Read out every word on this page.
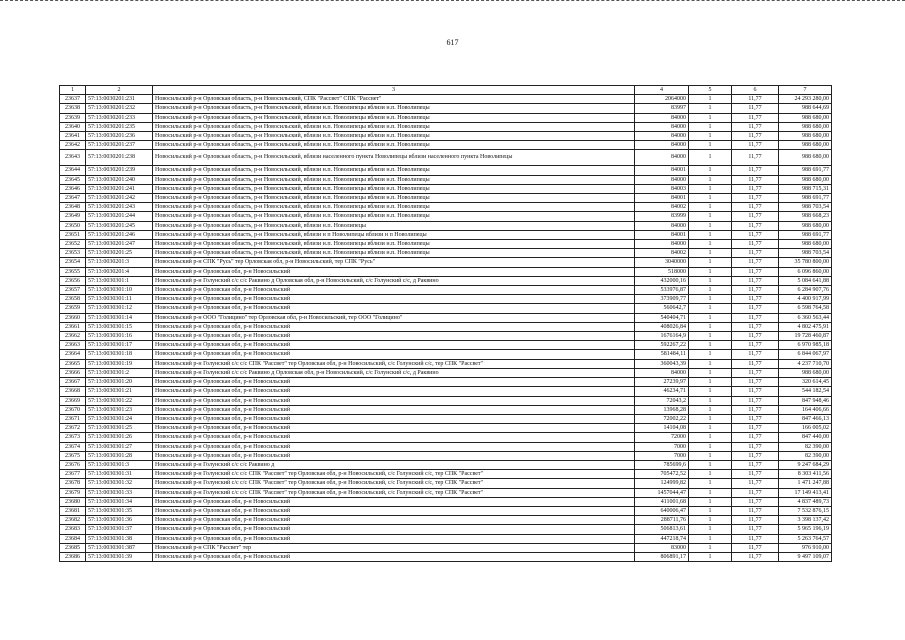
617
1	2	3	4	5	6	7
23637	57:13:0030201:231	Новосильский р-н Орловская область, р-н Новосильский, СПК "Рассвет" СПК "Рассвет"	2064000	1	11,77	24 293 280,00
23638	57:13:0030201:232	Новосильский р-н Орловская область, р-н Новосильский, вблизи н.п. Новолипецы вблизи н.п. Новолипецы	83997	1	11,77	988 644,69
23639	57:13:0030201:233	Новосильский р-н Орловская область, р-н Новосильский, вблизи н.п. Новолипецы вблизи н.п. Новолипецы	84000	1	11,77	988 680,00
23640	57:13:0030201:235	Новосильский р-н Орловская область, р-н Новосильский, вблизи н.п. Новолипецы вблизи н.п. Новолипецы	84000	1	11,77	988 680,00
23641	57:13:0030201:236	Новосильский р-н Орловская область, р-н Новосильский, вблизи н.п. Новолипецы вблизи н.п. Новолипецы	84000	1	11,77	988 680,00
23642	57:13:0030201:237	Новосильский р-н Орловская область, р-н Новосильский, вблизи н.п. Новолипецы вблизи н.п. Новолипецы	84000	1	11,77	988 680,00
23643	57:13:0030201:238	Новосильский р-н Орловская область, р-н Новосильский, вблизи населенного пункта Новолипецы вблизи населенного пункта Новолипецы	84000	1	11,77	988 680,00
23644	57:13:0030201:239	Новосильский р-н Орловская область, р-н Новосильский, вблизи н.п. Новолипецы вблизи н.п. Новолипецы	84001	1	11,77	988 691,77
23645	57:13:0030201:240	Новосильский р-н Орловская область, р-н Новосильский, вблизи н.п. Новолипецы вблизи н.п. Новолипецы	84000	1	11,77	988 680,00
23646	57:13:0030201:241	Новосильский р-н Орловская область, р-н Новосильский, вблизи н.п. Новолипецы вблизи н.п. Новолипецы	84003	1	11,77	988 715,31
23647	57:13:0030201:242	Новосильский р-н Орловская область, р-н Новосильский, вблизи н.п. Новолипецы вблизи н.п. Новолипецы	84001	1	11,77	988 691,77
23648	57:13:0030201:243	Новосильский р-н Орловская область, р-н Новосильский, вблизи н.п. Новолипецы вблизи н.п. Новолипецы	84002	1	11,77	988 703,54
23649	57:13:0030201:244	Новосильский р-н Орловская область, р-н Новосильский, вблизи н.п. Новолипецы вблизи н.п. Новолипецы	83999	1	11,77	988 668,23
23650	57:13:0030201:245	Новосильский р-н Орловская область, р-н Новосильский, вблизи н.п. Новолипецы	84000	1	11,77	988 680,00
23651	57:13:0030201:246	Новосильский р-н Орловская область, р-н Новосильский, вблизи н п Новолипецы вблизи н п Новолипецы	84001	1	11,77	988 691,77
23652	57:13:0030201:247	Новосильский р-н Орловская область, р-н Новосильский, вблизи н.п. Новолипецы вблизи н.п. Новолипецы	84000	1	11,77	988 680,00
23653	57:13:0030201:25	Новосильский р-н Орловская область, р-н Новосильский, вблизи н.п. Новолипецы вблизи н.п. Новолипецы	84002	1	11,77	988 703,54
23654	57:13:0030201:3	Новосильский р-н СПК "Русь" тер Орловская обл, р-н Новосильский, тер СПК "Русь"	3040000	1	11,77	35 780 800,00
23655	57:13:0030201:4	Новосильский р-н Орловская обл, р-н Новосильский	518000	1	11,77	6 096 860,00
23656	57:13:0030301:1	Новосильский р-н Голунский с/с с/с Раквино д Орловская обл, р-н Новосильский, с/с Голунский с/с, д Раквино	432000,16	1	11,77	5 084 641,88
23657	57:13:0030301:10	Новосильский р-н Орловская обл, р-н Новосильский	533976,87	1	11,77	6 284 907,76
23658	57:13:0030301:11	Новосильский р-н Орловская обл, р-н Новосильский	373909,77	1	11,77	4 400 917,99
23659	57:13:0030301:12	Новосильский р-н Орловская обл, р-н Новосильский	560642,7	1	11,77	6 598 764,58
23660	57:13:0030301:14	Новосильский р-н ООО "Голицино" тер Орловская обл, р-н Новосильский, тер ООО "Голицино"	540404,71	1	11,77	6 360 563,44
23661	57:13:0030301:15	Новосильский р-н Орловская обл, р-н Новосильский	408026,84	1	11,77	4 802 475,91
23662	57:13:0030301:16	Новосильский р-н Орловская обл, р-н Новосильский	1676164,9	1	11,77	19 728 460,87
23663	57:13:0030301:17	Новосильский р-н Орловская обл, р-н Новосильский	592267,22	1	11,77	6 970 985,18
23664	57:13:0030301:18	Новосильский р-н Орловская обл, р-н Новосильский	581484,11	1	11,77	6 844 067,97
23665	57:13:0030301:19	Новосильский р-н Голунский с/с с/с СПК "Рассвет" тер Орловская обл, р-н Новосильский, с/с Голунский с/с, тер СПК "Рассвет"	360043,39	1	11,77	4 237 710,70
23666	57:13:0030301:2	Новосильский р-н Голунский с/с с/с Раквино д Орловская обл, р-н Новосильский, с/с Голунский с/с, д Раквино	84000	1	11,77	988 680,00
23667	57:13:0030301:20	Новосильский р-н Орловская обл, р-н Новосильский	27239,97	1	11,77	320 614,45
23668	57:13:0030301:21	Новосильский р-н Орловская обл, р-н Новосильский	46234,71	1	11,77	544 182,54
23669	57:13:0030301:22	Новосильский р-н Орловская обл, р-н Новосильский	72043,2	1	11,77	847 948,46
23670	57:13:0030301:23	Новосильский р-н Орловская обл, р-н Новосильский	13968,28	1	11,77	164 406,66
23671	57:13:0030301:24	Новосильский р-н Орловская обл, р-н Новосильский	72002,22	1	11,77	847 466,13
23672	57:13:0030301:25	Новосильский р-н Орловская обл, р-н Новосильский	14104,08	1	11,77	166 005,02
23673	57:13:0030301:26	Новосильский р-н Орловская обл, р-н Новосильский	72000	1	11,77	847 440,00
23674	57:13:0030301:27	Новосильский р-н Орловская обл, р-н Новосильский	7000	1	11,77	82 390,00
23675	57:13:0030301:28	Новосильский р-н Орловская обл, р-н Новосильский	7000	1	11,77	82 390,00
23676	57:13:0030301:3	Новосильский р-н Голунский с/с с/с Раквино д	785699,6	1	11,77	9 247 684,29
23677	57:13:0030301:31	Новосильский р-н Голунский с/с с/с СПК "Рассвет" тер Орловская обл, р-н Новосильский, с/с Голунский с/с, тер СПК "Рассвет"	705472,52	1	11,77	8 303 411,56
23678	57:13:0030301:32	Новосильский р-н Голунский с/с с/с СПК "Рассвет" тер Орловская обл, р-н Новосильский, с/с Голунский с/с, тер СПК "Рассвет"	124999,82	1	11,77	1 471 247,88
23679	57:13:0030301:33	Новосильский р-н Голунский с/с с/с СПК "Рассвет" тер Орловская обл, р-н Новосильский, с/с Голунский с/с, тер СПК "Рассвет"	1457044,47	1	11,77	17 149 413,41
23680	57:13:0030301:34	Новосильский р-н Орловская обл, р-н Новосильский	411001,68	1	11,77	4 837 489,73
23681	57:13:0030301:35	Новосильский р-н Орловская обл, р-н Новосильский	640006,47	1	11,77	7 532 876,15
23682	57:13:0030301:36	Новосильский р-н Орловская обл, р-н Новосильский	288711,76	1	11,77	3 398 137,42
23683	57:13:0030301:37	Новосильский р-н Орловская обл, р-н Новосильский	506813,61	1	11,77	5 965 196,19
23684	57:13:0030301:38	Новосильский р-н Орловская обл, р-н Новосильский	447218,74	1	11,77	5 263 764,57
23685	57:13:0030301:387	Новосильский р-н СПК "Рассвет" тер	83000	1	11,77	976 910,00
23686	57:13:0030301:39	Новосильский р-н Орловская обл, р-н Новосильский	806891,17	1	11,77	9 497 109,07
